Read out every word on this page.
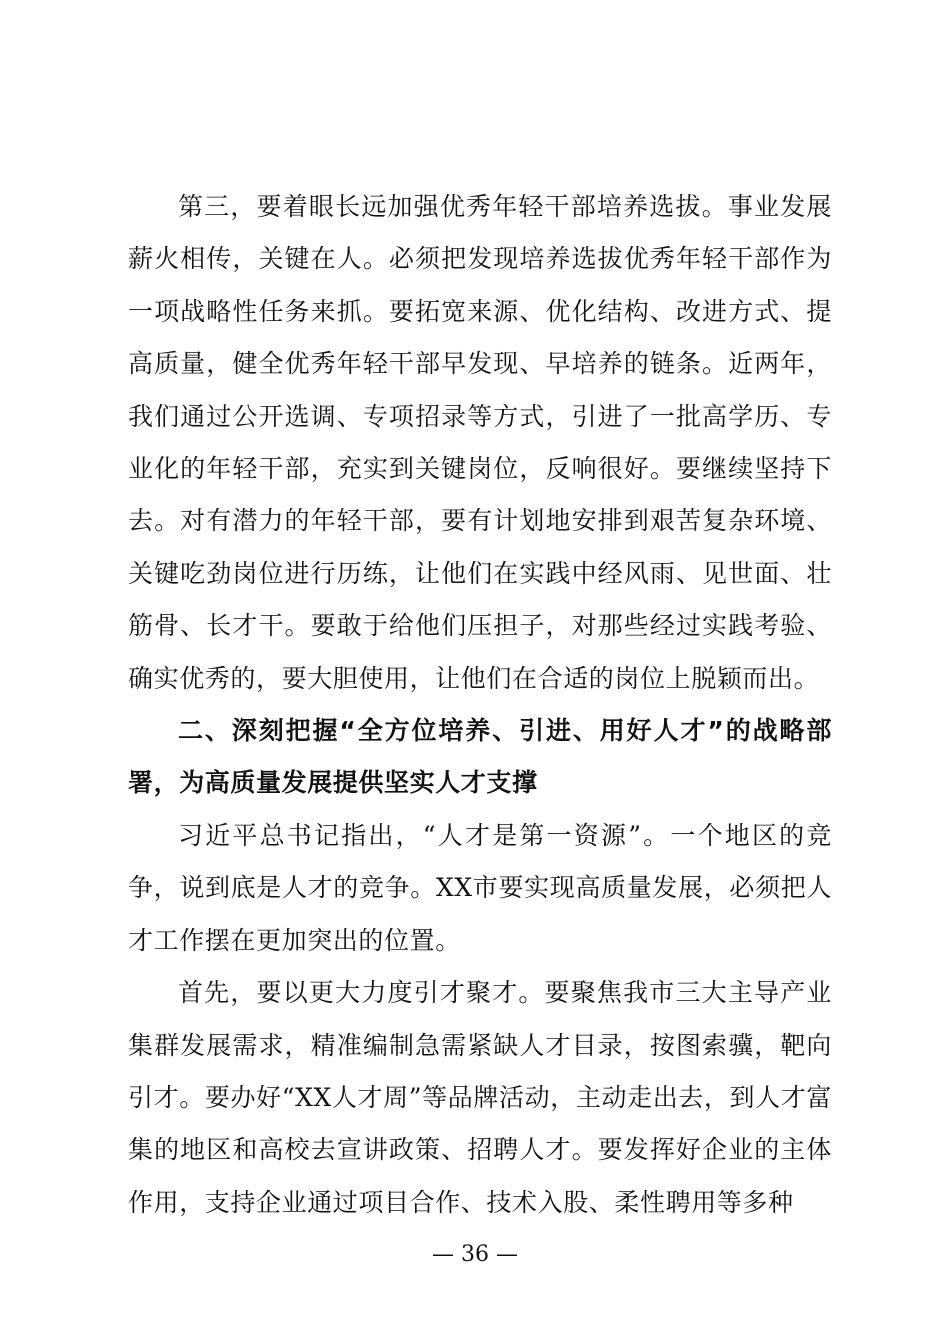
第三，要着眼长远加强优秀年轻干部培养选拔。事业发展薪火相传，关键在人。必须把发现培养选拔优秀年轻干部作为一项战略性任务来抓。要拓宽来源、优化结构、改进方式、提高质量，健全优秀年轻干部早发现、早培养的链条。近两年，我们通过公开选调、专项招录等方式，引进了一批高学历、专业化的年轻干部，充实到关键岗位，反响很好。要继续坚持下去。对有潜力的年轻干部，要有计划地安排到艰苦复杂环境、关键吃劲岗位进行历练，让他们在实践中经风雨、见世面、壮筋骨、长才干。要敢于给他们压担子，对那些经过实践考验、确实优秀的，要大胆使用，让他们在合适的岗位上脱颖而出。

二、深刻把握“全方位培养、引进、用好人才”的战略部署，为高质量发展提供坚实人才支撑

习近平总书记指出，“人才是第一资源”。一个地区的竞争，说到底是人才的竞争。XX市要实现高质量发展，必须把人才工作摆在更加突出的位置。

首先，要以更大力度引才聚才。要聚焦我市三大主导产业集群发展需求，精准编制急需紧缺人才目录，按图索骥，靶向引才。要办好“XX人才周”等品牌活动，主动走出去，到人才富集的地区和高校去宣讲政策、招聘人才。要发挥好企业的主体作用，支持企业通过项目合作、技术入股、柔性聘用等多种

— 36 —
